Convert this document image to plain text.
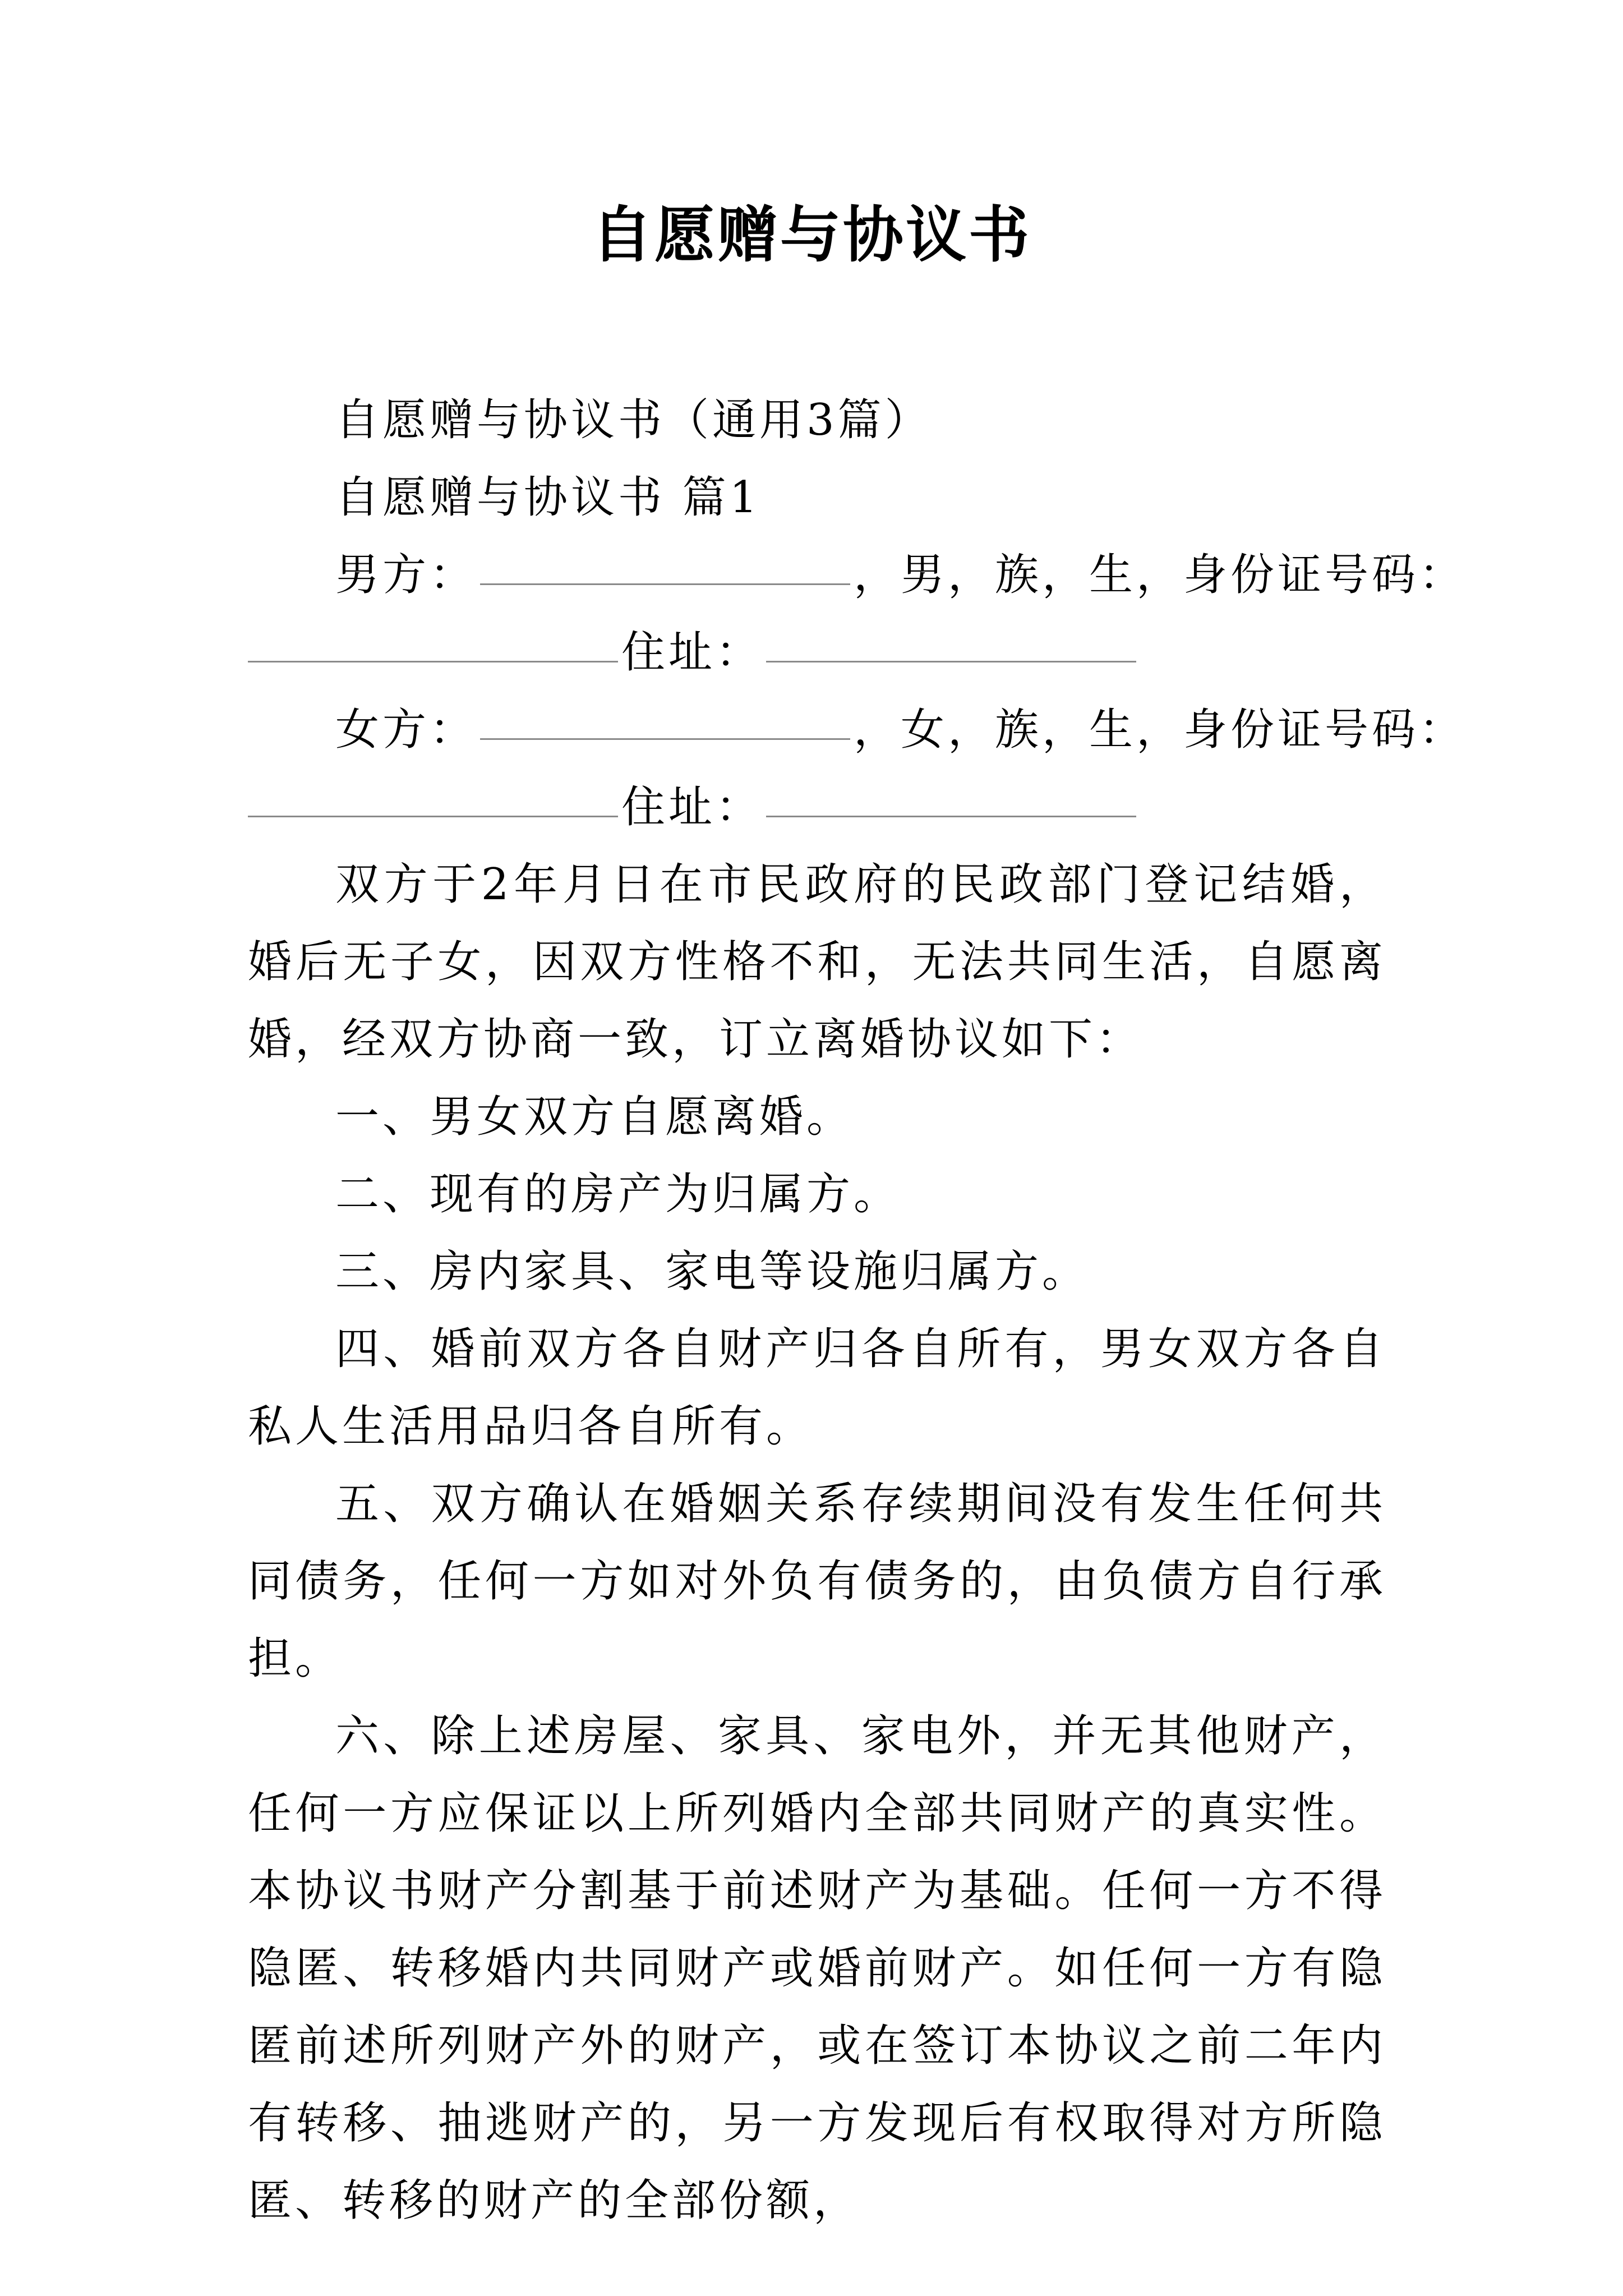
自愿赠与协议书

自愿赠与协议书（通用3篇）

自愿赠与协议书 篇1

男方：	，男，族，生，身份证号码：

住址：

女方：	，女，族，生，身份证号码：

住址：

双方于2年月日在市民政府的民政部门登记结婚，婚后无子女，因双方性格不和，无法共同生活，自愿离婚，经双方协商一致，订立离婚协议如下：

一、男女双方自愿离婚。

二、现有的房产为归属方。

三、房内家具、家电等设施归属方。

四、婚前双方各自财产归各自所有，男女双方各自私人生活用品归各自所有。

五、双方确认在婚姻关系存续期间没有发生任何共同债务，任何一方如对外负有债务的，由负债方自行承担。

六、除上述房屋、家具、家电外，并无其他财产，任何一方应保证以上所列婚内全部共同财产的真实性。本协议书财产分割基于前述财产为基础。任何一方不得隐匿、转移婚内共同财产或婚前财产。如任何一方有隐匿前述所列财产外的财产，或在签订本协议之前二年内有转移、抽逃财产的，另一方发现后有权取得对方所隐匿、转移的财产的全部份额，
